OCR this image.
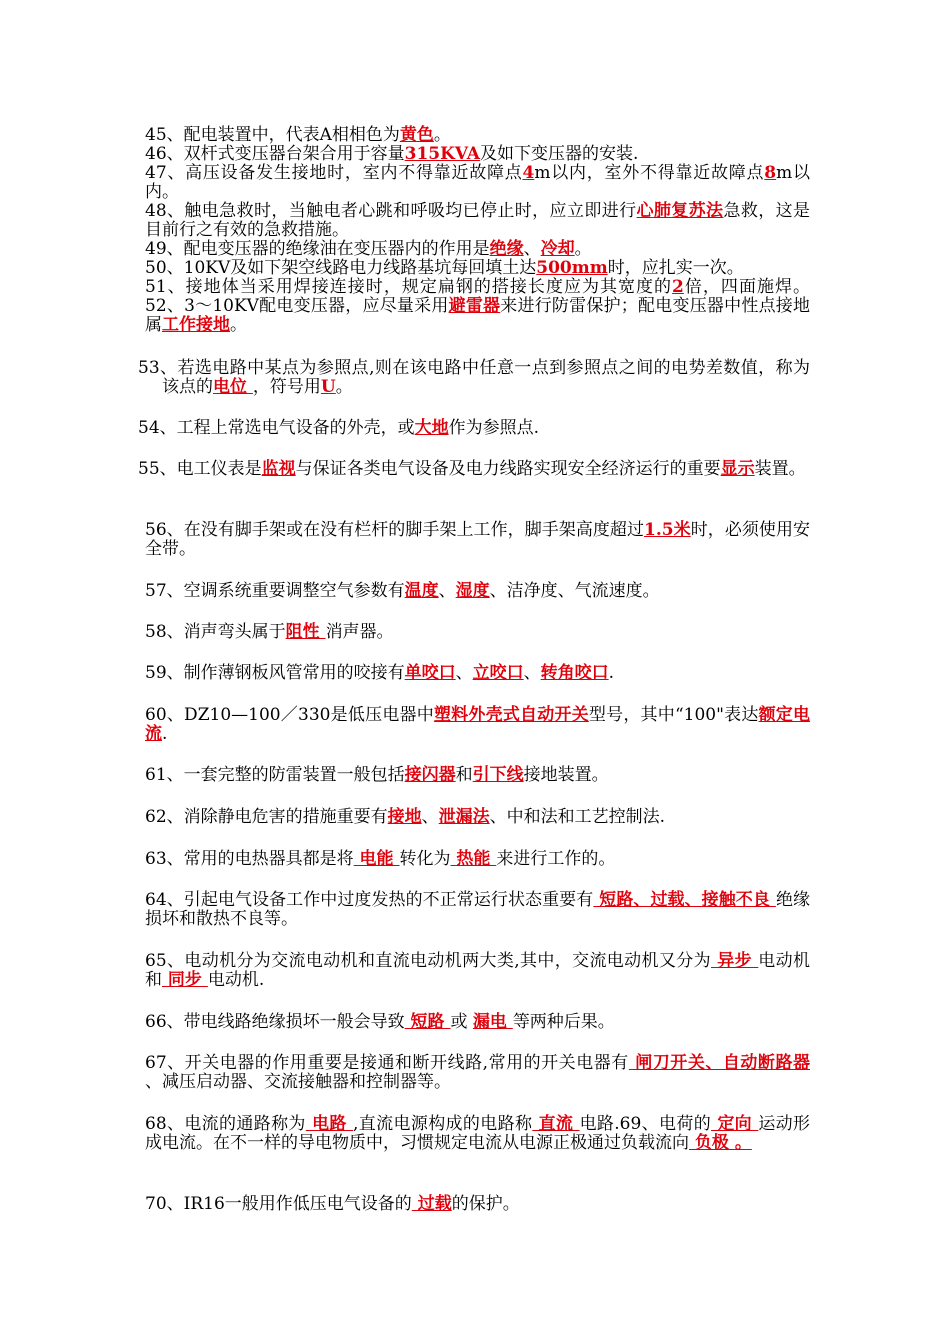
45、配电装置中，代表A相相色为黄色。

46、双杆式变压器台架合用于容量315KVA及如下变压器的安装.

47、高压设备发生接地时，室内不得靠近故障点4m以内，室外不得靠近故障点8m以内。

48、触电急救时，当触电者心跳和呼吸均已停止时，应立即进行心肺复苏法急救，这是目前行之有效的急救措施。

49、配电变压器的绝缘油在变压器内的作用是绝缘、冷却。

50、10KV及如下架空线路电力线路基坑每回填土达500mm时，应扎实一次。

51、接地体当采用焊接连接时，规定扁钢的搭接长度应为其宽度的2倍，四面施焊。52、3～10KV配电变压器，应尽量采用避雷器来进行防雷保护；配电变压器中性点接地属工作接地。

53、若选电路中某点为参照点,则在该电路中任意一点到参照点之间的电势差数值，称为该点的电位 ，符号用U。

54、工程上常选电气设备的外壳，或大地作为参照点.

55、电工仪表是监视与保证各类电气设备及电力线路实现安全经济运行的重要显示装置。

56、在没有脚手架或在没有栏杆的脚手架上工作，脚手架高度超过1.5米时，必须使用安全带。

57、空调系统重要调整空气参数有温度、湿度、洁净度、气流速度。

58、消声弯头属于阻性 消声器。

59、制作薄钢板风管常用的咬接有单咬口、立咬口、转角咬口.

60、DZ10—100／330是低压电器中塑料外壳式自动开关型号，其中“100"表达额定电流.

61、一套完整的防雷装置一般包括接闪器和引下线接地装置。

62、消除静电危害的措施重要有接地、泄漏法、中和法和工艺控制法.

63、常用的电热器具都是将 电能 转化为 热能 来进行工作的。

64、引起电气设备工作中过度发热的不正常运行状态重要有 短路、过载、接触不良 绝缘损坏和散热不良等。

65、电动机分为交流电动机和直流电动机两大类,其中，交流电动机又分为 异步 电动机和 同步 电动机.

66、带电线路绝缘损坏一般会导致 短路 或 漏电 等两种后果。

67、开关电器的作用重要是接通和断开线路,常用的开关电器有 闸刀开关、自动断路器 、减压启动器、交流接触器和控制器等。

68、电流的通路称为 电路 ,直流电源构成的电路称 直流 电路.69、电荷的 定向 运动形成电流。在不一样的导电物质中，习惯规定电流从电源正极通过负载流向 负极 。

70、IR16一般用作低压电气设备的 过载的保护。
